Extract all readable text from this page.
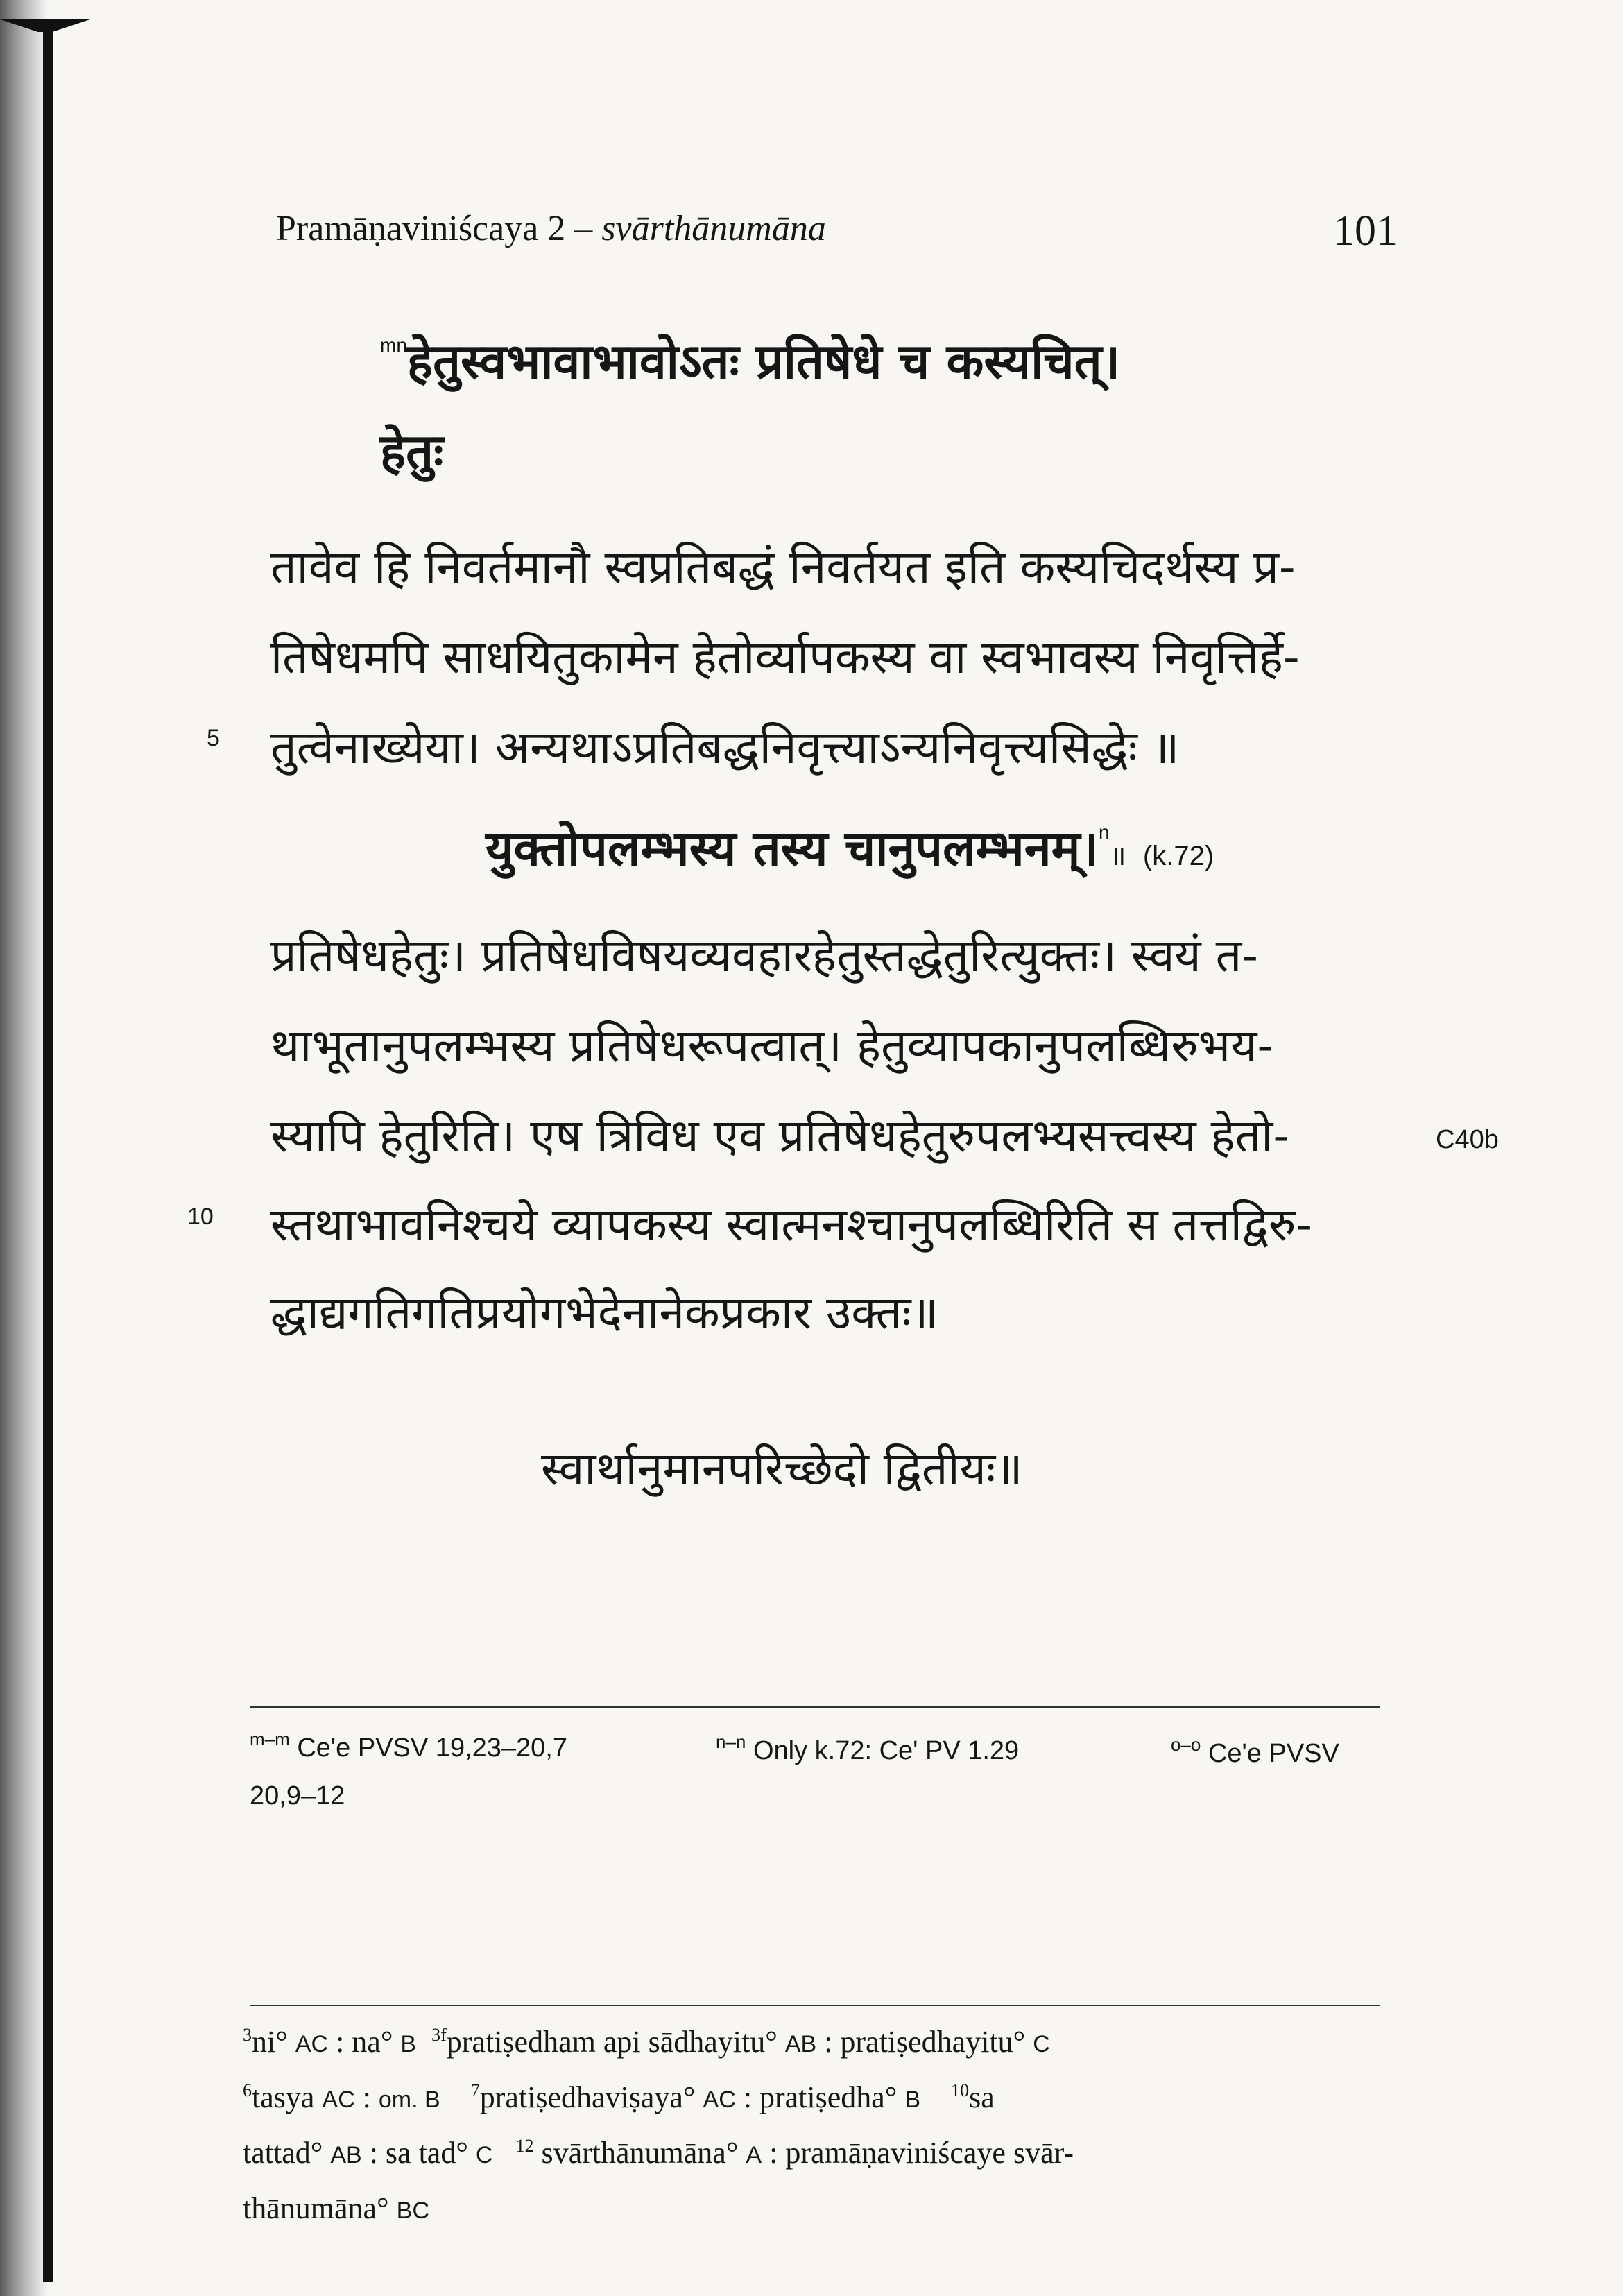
Pramāṇaviniścaya 2 – svārthānumāna	101
$^{mn}$हेतुस्वभावाभावोऽतः प्रतिषेधे च कस्यचित्।
हेतुः
तावेव हि निवर्तमानौ स्वप्रतिबद्धं निवर्तयत इति कस्यचिदर्थस्य प्र-
तिषेधमपि साधयितुकामेन हेतोर्व्यापकस्य वा स्वभावस्य निवृत्तिर्हे-
5 तुत्वेनाख्येया। अन्यथाऽप्रतिबद्धनिवृत्त्याऽन्यनिवृत्त्यसिद्धेः ॥
युक्तोपलम्भस्य तस्य चानुपलम्भनम्।$^n$॥ (k.72)
प्रतिषेधहेतुः। प्रतिषेधविषयव्यवहारहेतुस्तद्धेतुरित्युक्तः। स्वयं त-
थाभूतानुपलम्भस्य प्रतिषेधरूपत्वात्। हेतुव्यापकानुपलब्धिरुभय-
स्यापि हेतुरिति। एष त्रिविध एव प्रतिषेधहेतुरुपलभ्यसत्त्वस्य हेतो-	C40b
10 स्तथाभावनिश्चये व्यापकस्य स्वात्मनश्चानुपलब्धिरिति स तत्तद्विरु-
द्धाद्यगतिगतिप्रयोगभेदेनानेकप्रकार उक्तः॥
स्वार्थानुमानपरिच्छेदो द्वितीयः॥
$^{m-m}$ Ce'e PVSV 19,23–20,7	$^{n-n}$ Only k.72: Ce' PV 1.29	$^{o-o}$ Ce'e PVSV
20,9–12
$^3$ni° AC : na° B $^{3f}$pratiṣedham api sādhayitu° AB : pratiṣedhayitu° C
$^6$tasya AC : om. B $^7$pratiṣedhaviṣaya° AC : pratiṣedha° B $^{10}$sa
tattad° AB : sa tad° C $^{12}$ svārthānumāna° A : pramāṇaviniścaye svār-
thānumāna° BC
